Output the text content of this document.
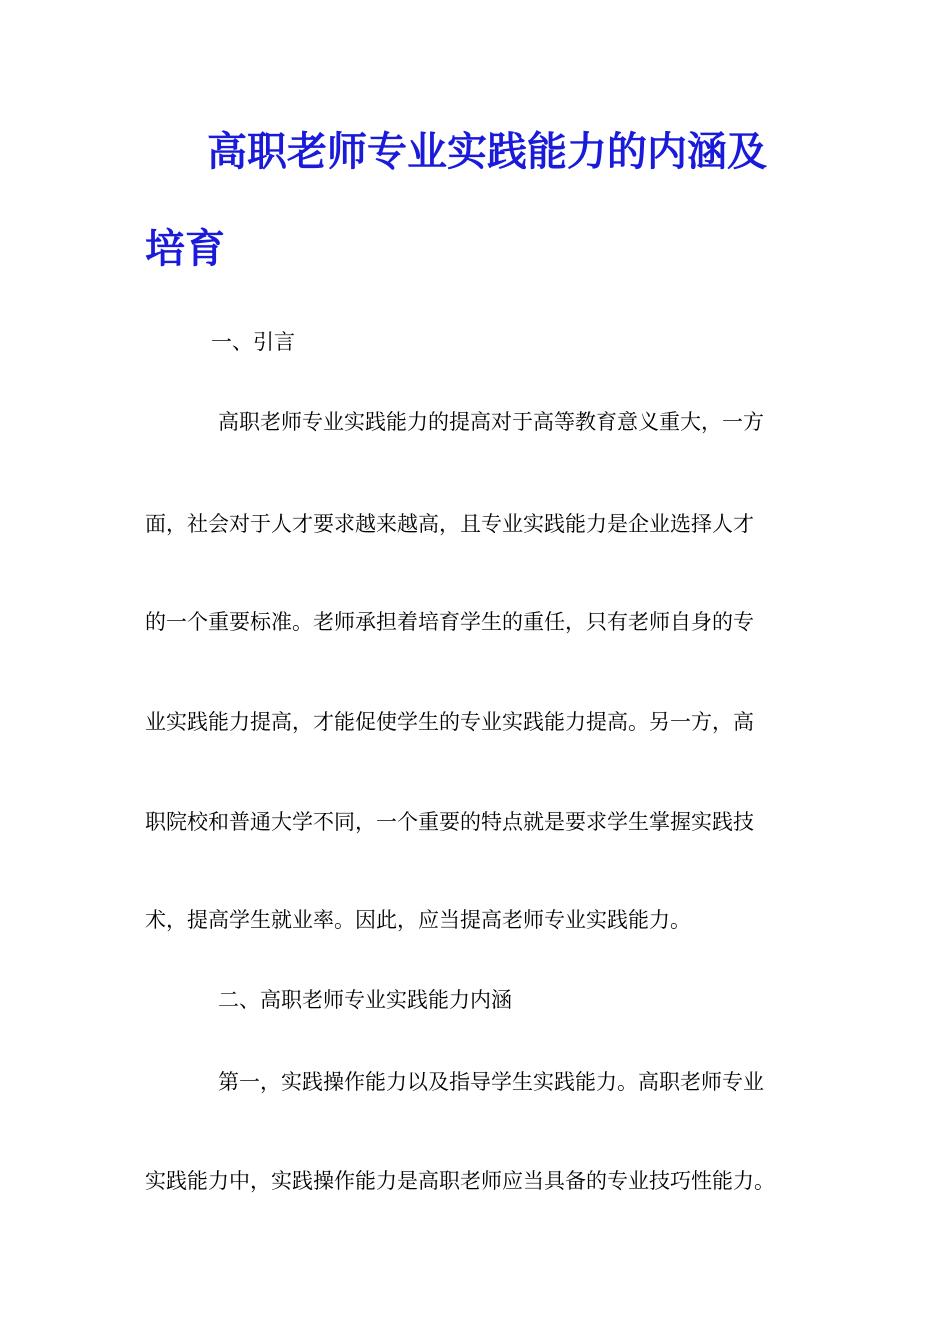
高职老师专业实践能力的内涵及
培育
一、引言
高职老师专业实践能力的提高对于高等教育意义重大，一方
面，社会对于人才要求越来越高，且专业实践能力是企业选择人才
的一个重要标准。老师承担着培育学生的重任，只有老师自身的专
业实践能力提高，才能促使学生的专业实践能力提高。另一方，高
职院校和普通大学不同，一个重要的特点就是要求学生掌握实践技
术，提高学生就业率。因此，应当提高老师专业实践能力。
二、高职老师专业实践能力内涵
第一，实践操作能力以及指导学生实践能力。高职老师专业
实践能力中，实践操作能力是高职老师应当具备的专业技巧性能力。
